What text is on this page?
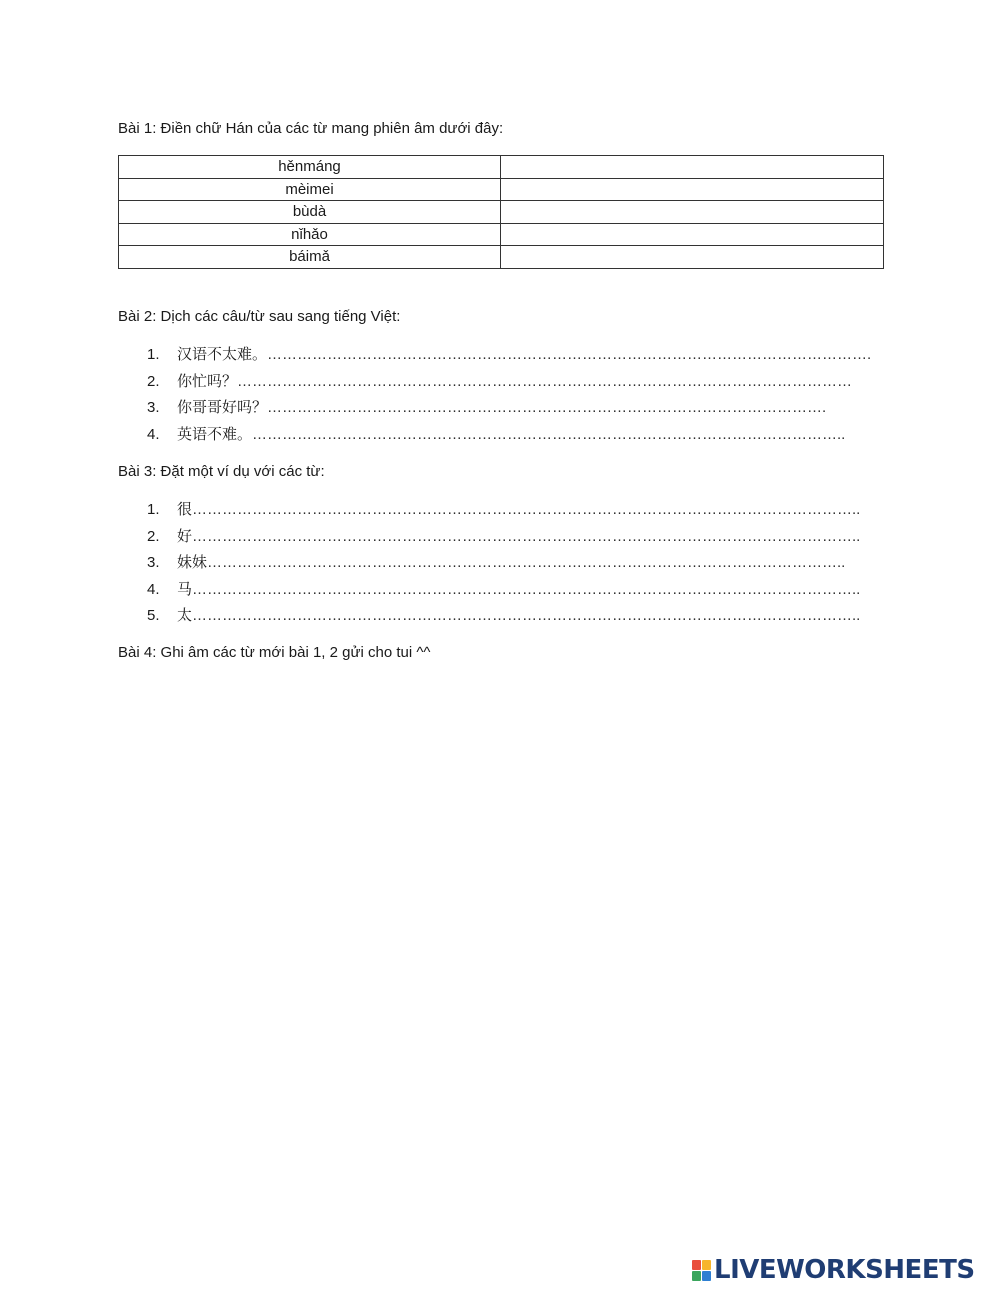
Bài 1: Điền chữ Hán của các từ mang phiên âm dưới đây:
hěnmáng	
mèimei	
bùdà	
nǐhǎo	
báimǎ	
Bài 2: Dịch các câu/từ sau sang tiếng Việt:
1. 汉语不太难。………………………………………………………………………………………………………….
2. 你忙吗？……………………………………………………………………………………………………………
3. 你哥哥好吗？………………………………………………………………………………………………….
4. 英语不难。………………………………………………………………………………………………………..
Bài 3: Đặt một ví dụ với các từ:
1. 很……………………………………………………………………………………………………………………..
2. 好……………………………………………………………………………………………………………………..
3. 妹妹………………………………………………………………………………………………………………..
4. 马……………………………………………………………………………………………………………………..
5. 太……………………………………………………………………………………………………………………..
Bài 4: Ghi âm các từ mới bài 1, 2 gửi cho tui ^^
LIVEWORKSHEETS
